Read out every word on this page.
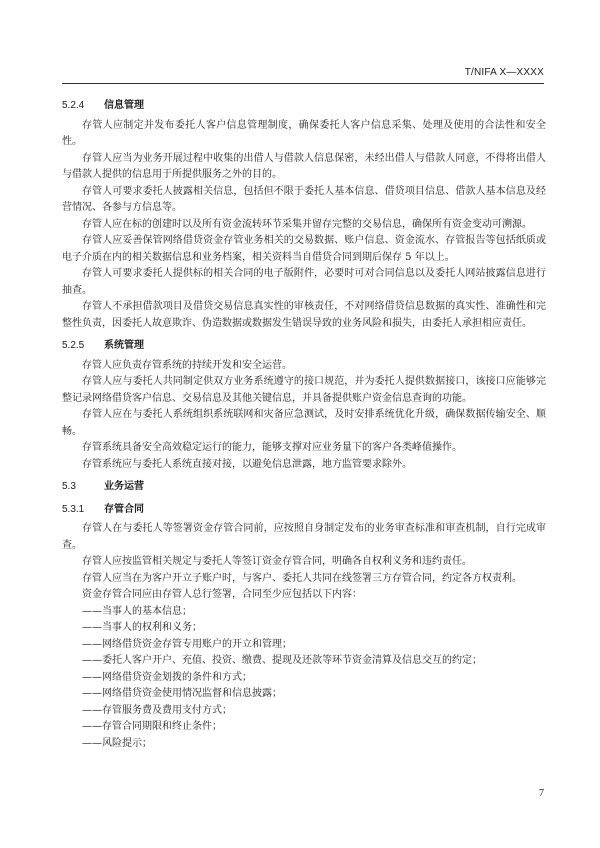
T/NIFA X—XXXX
5.2.4 信息管理

存管人应制定并发布委托人客户信息管理制度，确保委托人客户信息采集、处理及使用的合法性和安全性。

存管人应当为业务开展过程中收集的出借人与借款人信息保密，未经出借人与借款人同意，不得将出借人与借款人提供的信息用于所提供服务之外的目的。

存管人可要求委托人披露相关信息，包括但不限于委托人基本信息、借贷项目信息、借款人基本信息及经营情况、各参与方信息等。

存管人应在标的创建时以及所有资金流转环节采集并留存完整的交易信息，确保所有资金变动可溯源。

存管人应妥善保管网络借贷资金存管业务相关的交易数据、账户信息、资金流水、存管报告等包括纸质或电子介质在内的相关数据信息和业务档案，相关资料当自借贷合同到期后保存 5 年以上。

存管人可要求委托人提供标的相关合同的电子版附件，必要时可对合同信息以及委托人网站披露信息进行抽查。

存管人不承担借款项目及借贷交易信息真实性的审核责任，不对网络借贷信息数据的真实性、准确性和完整性负责，因委托人故意欺诈、伪造数据或数据发生错误导致的业务风险和损失，由委托人承担相应责任。

5.2.5 系统管理

存管人应负责存管系统的持续开发和安全运营。

存管人应与委托人共同制定供双方业务系统遵守的接口规范，并为委托人提供数据接口，该接口应能够完整记录网络借贷客户信息、交易信息及其他关键信息，并具备提供账户资金信息查询的功能。

存管人应在与委托人系统组织系统联网和灾备应急测试，及时安排系统优化升级，确保数据传输安全、顺畅。

存管系统具备安全高效稳定运行的能力，能够支撑对应业务量下的客户各类峰值操作。

存管系统应与委托人系统直接对接，以避免信息泄露，地方监管要求除外。

5.3	业务运营
5.3.1 存管合同

存管人在与委托人等签署资金存管合同前，应按照自身制定发布的业务审查标准和审查机制，自行完成审查。

存管人应按监管相关规定与委托人等签订资金存管合同，明确各自权利义务和违约责任。

存管人应当在为客户开立子账户时，与客户、委托人共同在线签署三方存管合同，约定各方权责利。

资金存管合同应由存管人总行签署，合同至少应包括以下内容：

——当事人的基本信息；

——当事人的权利和义务；

——网络借贷资金存管专用账户的开立和管理；

——委托人客户开户、充值、投资、缴费、提现及还款等环节资金清算及信息交互的约定；

——网络借贷资金划拨的条件和方式；

——网络借贷资金使用情况监督和信息披露；

——存管服务费及费用支付方式；

——存管合同期限和终止条件；

——风险提示；

7
